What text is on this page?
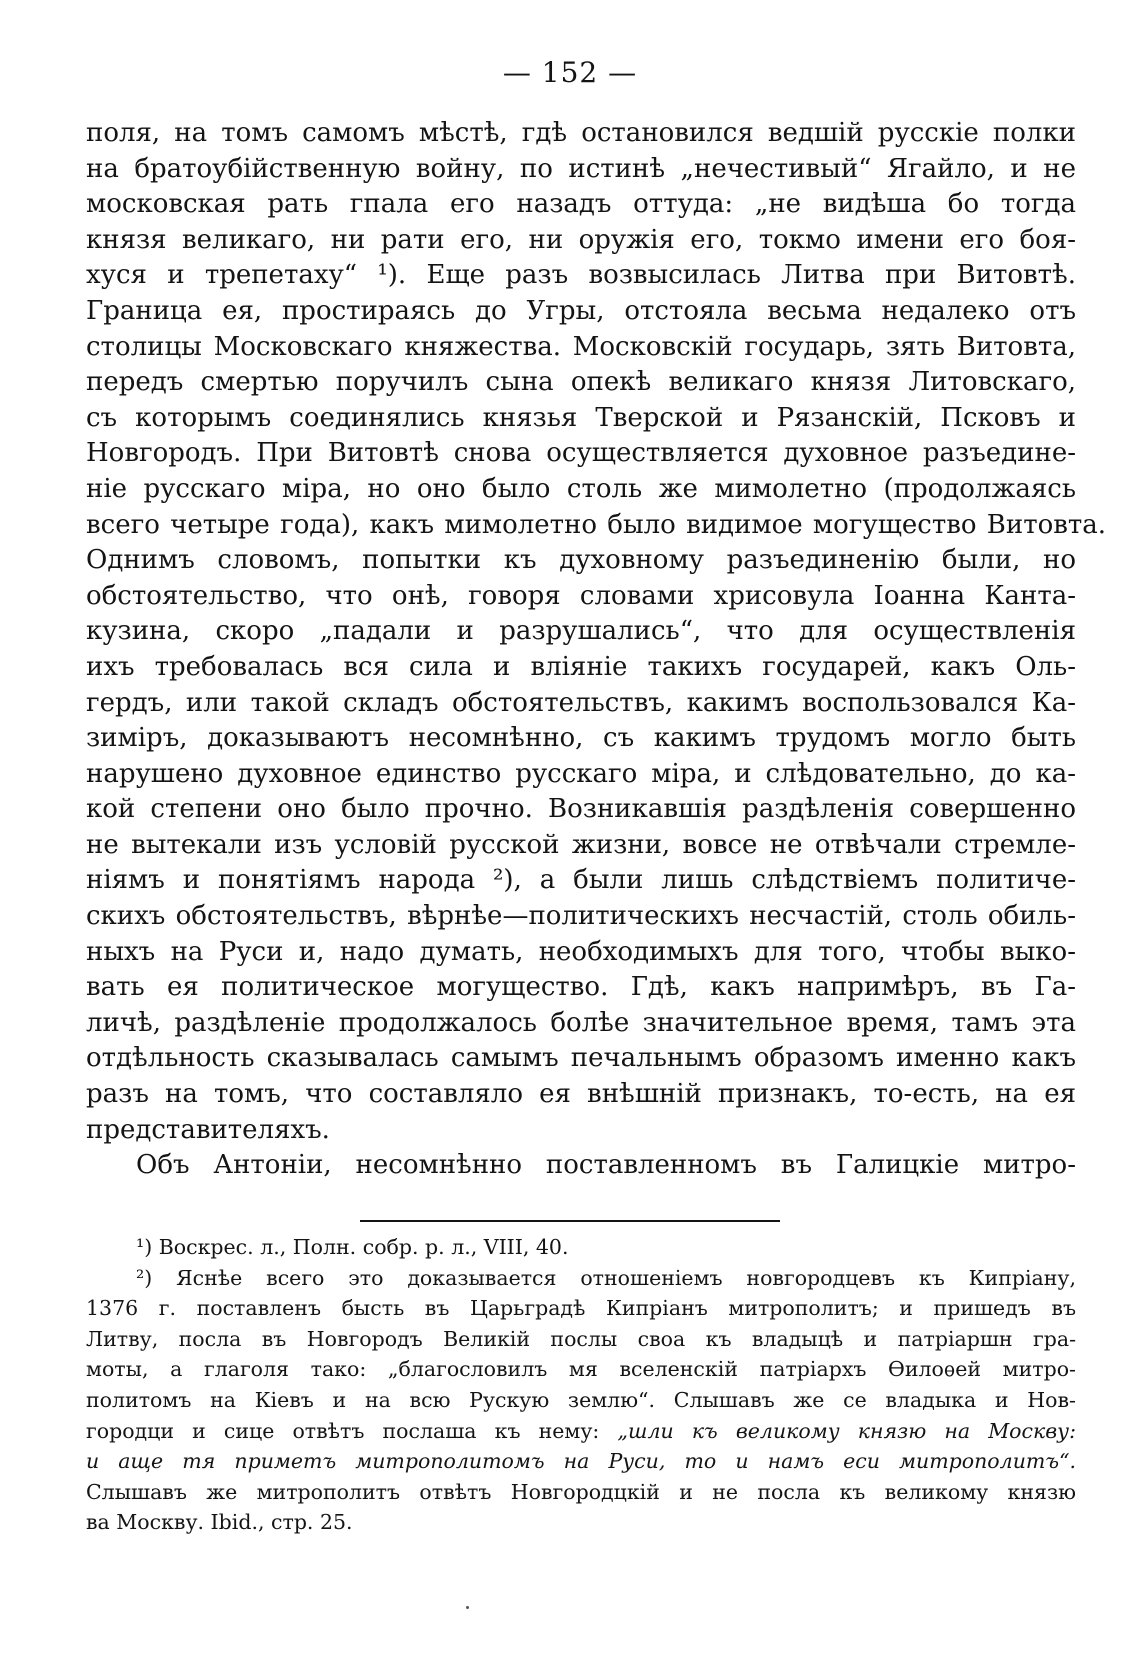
— 152 —
поля, на томъ самомъ мѣстѣ, гдѣ остановился ведшій русскіе полки
на братоубійственную войну, по истинѣ „нечестивый“ Ягайло, и не
московская рать гпала его назадъ оттуда: „не видѣша бо тогда
князя великаго, ни рати его, ни оружія его, токмо имени его боя-
хуся и трепетаху“ ¹). Еще разъ возвысилась Литва при Витовтѣ.
Граница ея, простираясь до Угры, отстояла весьма недалеко отъ
столицы Московскаго княжества. Московскій государь, зять Витовта,
передъ смертью поручилъ сына опекѣ великаго князя Литовскаго,
съ которымъ соединялись князья Тверской и Рязанскій, Псковъ и
Новгородъ. При Витовтѣ снова осуществляется духовное разъедине-
ніе русскаго міра, но оно было столь же мимолетно (продолжаясь
всего четыре года), какъ мимолетно было видимое могущество Витовта.
Однимъ словомъ, попытки къ духовному разъединенію были, но
обстоятельство, что онѣ, говоря словами хрисовула Іоанна Канта-
кузина, скоро „падали и разрушались“, что для осуществленія
ихъ требовалась вся сила и вліяніе такихъ государей, какъ Оль-
гердъ, или такой складъ обстоятельствъ, какимъ воспользовался Ка-
зиміръ, доказываютъ несомнѣнно, съ какимъ трудомъ могло быть
нарушено духовное единство русскаго міра, и слѣдовательно, до ка-
кой степени оно было прочно. Возникавшія раздѣленія совершенно
не вытекали изъ условій русской жизни, вовсе не отвѣчали стремле-
ніямъ и понятіямъ народа ²), а были лишь слѣдствіемъ политиче-
скихъ обстоятельствъ, вѣрнѣе—политическихъ несчастій, столь обиль-
ныхъ на Руси и, надо думать, необходимыхъ для того, чтобы выко-
вать ея политическое могущество. Гдѣ, какъ напримѣръ, въ Га-
личѣ, раздѣленіе продолжалось болѣе значительное время, тамъ эта
отдѣльность сказывалась самымъ печальнымъ образомъ именно какъ
разъ на томъ, что составляло ея внѣшній признакъ, то-есть, на ея
представителяхъ.
Объ Антоніи, несомнѣнно поставленномъ въ Галицкіе митро-
¹) Воскрес. л., Полн. собр. р. л., VIII, 40.
²) Яснѣе всего это доказывается отношеніемъ новгородцевъ къ Кипріану,
1376 г. поставленъ бысть въ Царьградѣ Кипріанъ митрополитъ; и пришедъ въ
Литву, посла въ Новгородъ Великій послы своа къ владыцѣ и патріаршн гра-
моты, а глаголя тако: „благословилъ мя вселенскій патріархъ Ѳилоѳей митро-
политомъ на Кіевъ и на всю Рускую землю“. Слышавъ же се владыка и Нов-
городци и сице отвѣтъ послаша къ нему: „шли къ великому князю на Москву:
и аще тя приметъ митрополитомъ на Руси, то и намъ еси митрополитъ“.
Слышавъ же митрополитъ отвѣтъ Новгородцкій и не посла къ великому князю
ва Москву. Ibid., стр. 25.
